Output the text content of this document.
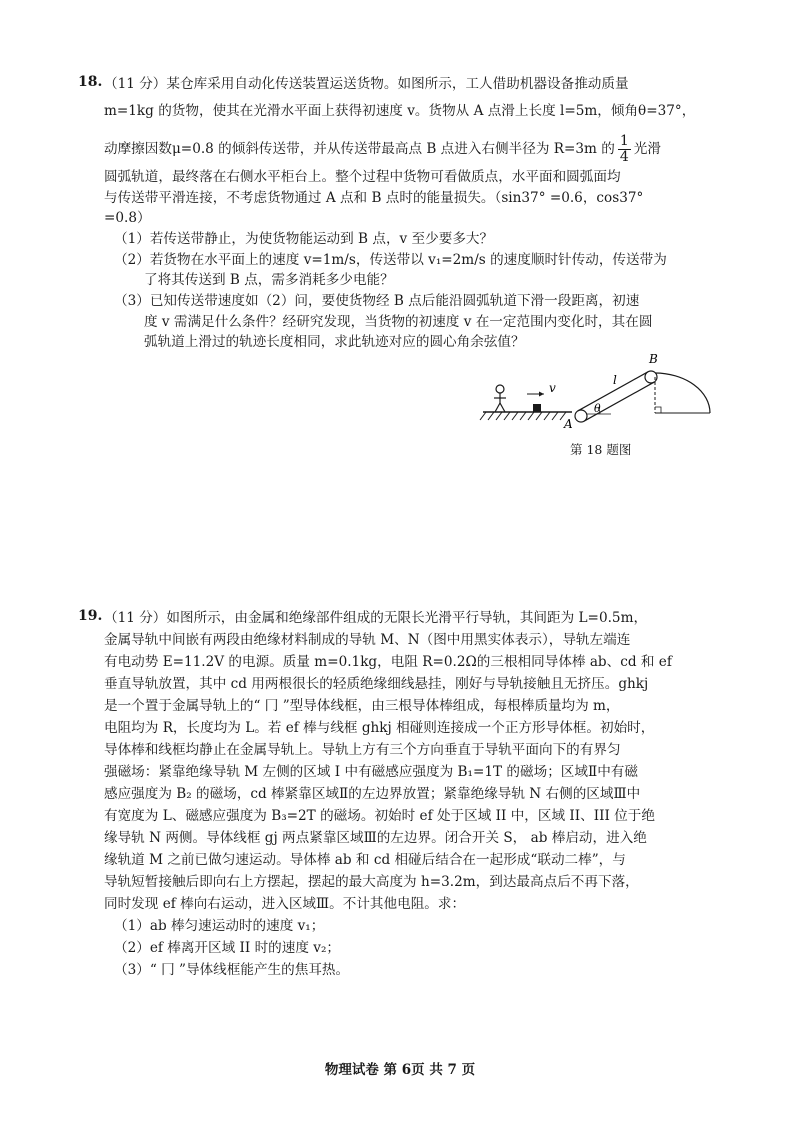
18. （11 分）某仓库采用自动化传送装置运送货物。如图所示，工人借助机器设备推动质量
m=1kg 的货物，使其在光滑水平面上获得初速度 v。货物从 A 点滑上长度 l=5m，倾角θ=37°，
动摩擦因数μ=0.8 的倾斜传送带，并从传送带最高点 B 点进入右侧半径为 R=3m 的 $\frac{1}{4}$ 光滑
圆弧轨道，最终落在右侧水平柜台上。整个过程中货物可看做质点，水平面和圆弧面均
与传送带平滑连接，不考虑货物通过 A 点和 B 点时的能量损失。（sin37° =0.6，cos37°
=0.8）
（1）若传送带静止，为使货物能运动到 B 点，v 至少要多大？
（2）若货物在水平面上的速度 v=1m/s，传送带以 v₁=2m/s 的速度顺时针传动，传送带为
了将其传送到 B 点，需多消耗多少电能？
（3）已知传送带速度如（2）问，要使货物经 B 点后能沿圆弧轨道下滑一段距离，初速
度 v 需满足什么条件？经研究发现，当货物的初速度 v 在一定范围内变化时，其在圆
弧轨道上滑过的轨迹长度相同，求此轨迹对应的圆心角余弦值？
v
θ
A
B
l
第 18 题图
19. （11 分）如图所示，由金属和绝缘部件组成的无限长光滑平行导轨，其间距为 L=0.5m，
金属导轨中间嵌有两段由绝缘材料制成的导轨 M、N（图中用黑实体表示），导轨左端连
有电动势 E=11.2V 的电源。质量 m=0.1kg，电阻 R=0.2Ω的三根相同导体棒 ab、cd 和 ef
垂直导轨放置，其中 cd 用两根很长的轻质绝缘细线悬挂，刚好与导轨接触且无挤压。ghkj
是一个置于金属导轨上的“ 冂 ”型导体线框，由三根导体棒组成，每根棒质量均为 m，
电阻均为 R，长度均为 L。若 ef 棒与线框 ghkj 相碰则连接成一个正方形导体框。初始时，
导体棒和线框均静止在金属导轨上。导轨上方有三个方向垂直于导轨平面向下的有界匀
强磁场：紧靠绝缘导轨 M 左侧的区域 I 中有磁感应强度为 B₁=1T 的磁场；区域Ⅱ中有磁
感应强度为 B₂ 的磁场，cd 棒紧靠区域Ⅱ的左边界放置；紧靠绝缘导轨 N 右侧的区域Ⅲ中
有宽度为 L、磁感应强度为 B₃=2T 的磁场。初始时 ef 处于区域 II 中，区域 II、III 位于绝
缘导轨 N 两侧。导体线框 gj 两点紧靠区域Ⅲ的左边界。闭合开关 S， ab 棒启动，进入绝
缘轨道 M 之前已做匀速运动。导体棒 ab 和 cd 相碰后结合在一起形成“联动二棒”，与
导轨短暂接触后即向右上方摆起，摆起的最大高度为 h=3.2m，到达最高点后不再下落，
同时发现 ef 棒向右运动，进入区域Ⅲ。不计其他电阻。求：
（1）ab 棒匀速运动时的速度 v₁；
（2）ef 棒离开区域 II 时的速度 v₂；
（3）“ 冂 ”导体线框能产生的焦耳热。
物理试卷 第 6页 共 7 页
